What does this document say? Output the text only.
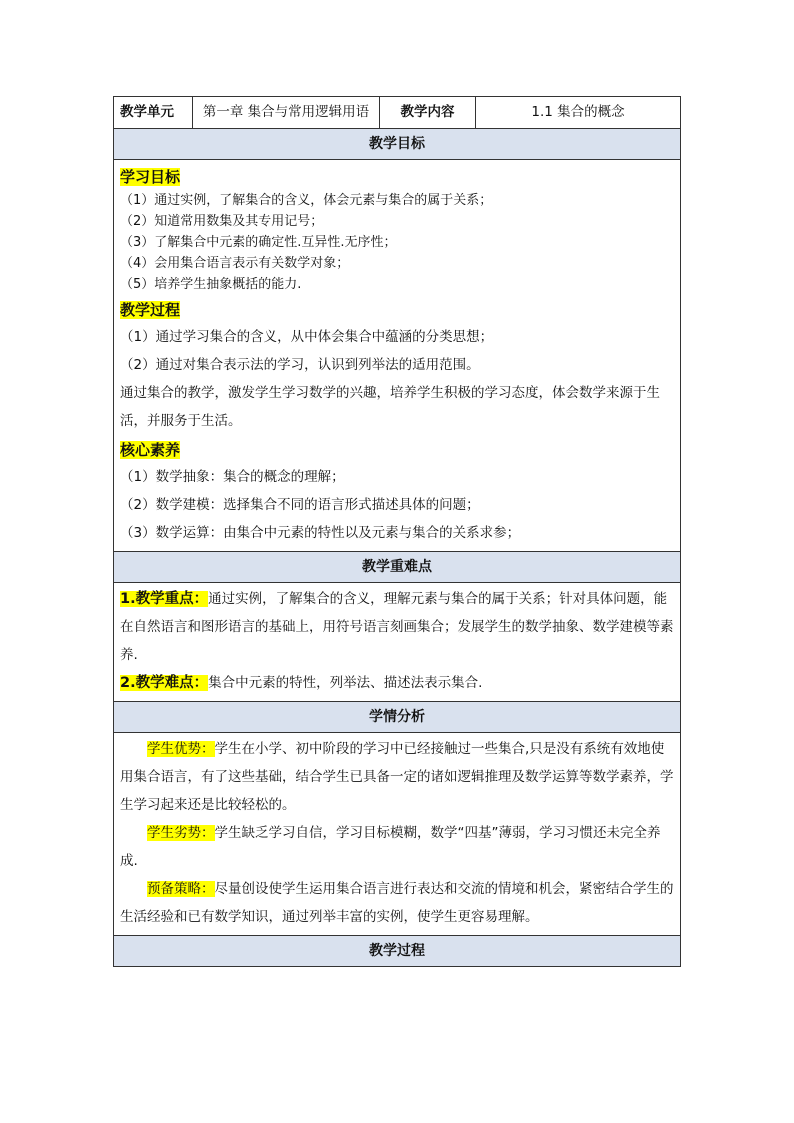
教学单元	第一章 集合与常用逻辑用语	教学内容	1.1 集合的概念
教学目标

学习目标
（1）通过实例，了解集合的含义，体会元素与集合的属于关系；
（2）知道常用数集及其专用记号；
（3）了解集合中元素的确定性.互异性.无序性；
（4）会用集合语言表示有关数学对象；
（5）培养学生抽象概括的能力.
教学过程
（1）通过学习集合的含义，从中体会集合中蕴涵的分类思想；
（2）通过对集合表示法的学习，认识到列举法的适用范围。
通过集合的教学，激发学生学习数学的兴趣，培养学生积极的学习态度，体会数学来源于生活，并服务于生活。
核心素养
（1）数学抽象：集合的概念的理解；
（2）数学建模：选择集合不同的语言形式描述具体的问题；
（3）数学运算：由集合中元素的特性以及元素与集合的关系求参；

教学重难点

1.教学重点：通过实例，了解集合的含义，理解元素与集合的属于关系；针对具体问题，能在自然语言和图形语言的基础上，用符号语言刻画集合；发展学生的数学抽象、数学建模等素养.
2.教学难点：集合中元素的特性，列举法、描述法表示集合.

学情分析

学生优势：学生在小学、初中阶段的学习中已经接触过一些集合,只是没有系统有效地使用集合语言，有了这些基础，结合学生已具备一定的诸如逻辑推理及数学运算等数学素养，学生学习起来还是比较轻松的。
学生劣势：学生缺乏学习自信，学习目标模糊，数学“四基”薄弱，学习习惯还未完全养成.
预备策略：尽量创设使学生运用集合语言进行表达和交流的情境和机会，紧密结合学生的生活经验和已有数学知识，通过列举丰富的实例，使学生更容易理解。

教学过程
